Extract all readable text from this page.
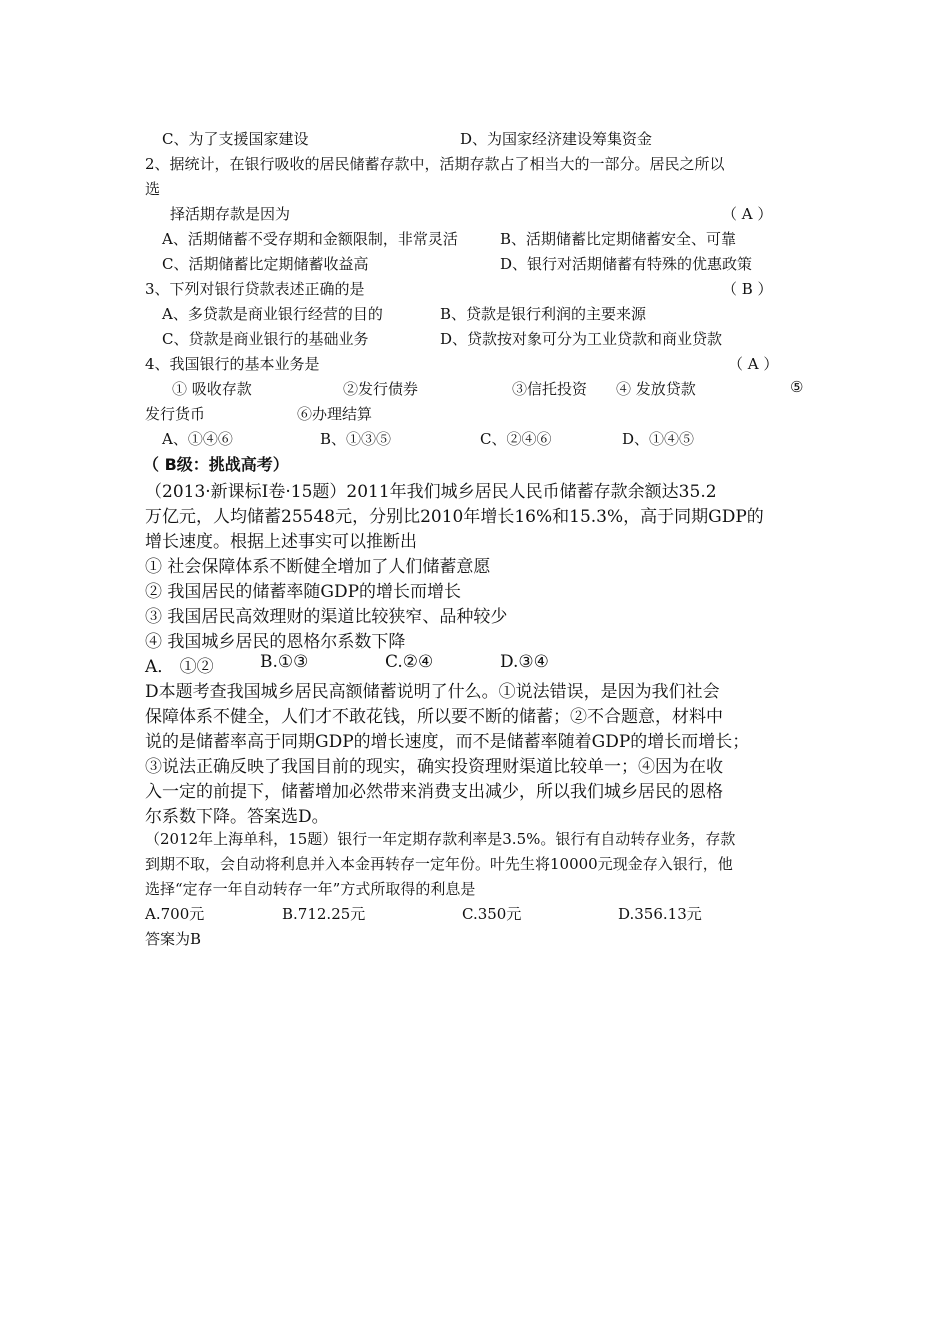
C、为了支援国家建设	D、为国家经济建设筹集资金
2、据统计，在银行吸收的居民储蓄存款中，活期存款占了相当大的一部分。居民之所以
选
择活期存款是因为	（ A ）
A、活期储蓄不受存期和金额限制，非常灵活	B、活期储蓄比定期储蓄安全、可靠
C、活期储蓄比定期储蓄收益高	D、银行对活期储蓄有特殊的优惠政策
3、下列对银行贷款表述正确的是	（ B ）
A、多贷款是商业银行经营的目的	B、贷款是银行利润的主要来源
C、贷款是商业银行的基础业务	D、贷款按对象可分为工业贷款和商业贷款
4、我国银行的基本业务是	（ A ）
① 吸收存款	②发行债券	③信托投资 ④ 发放贷款	⑤
发行货币	⑥办理结算
A、①④⑥	B、①③⑤	C、②④⑥	D、①④⑤
（ B级：挑战高考）
（2013·新课标Ⅰ卷·15题）2011年我们城乡居民人民币储蓄存款余额达35.2
万亿元，人均储蓄25548元，分别比2010年增长16%和15.3%，高于同期GDP的
增长速度。根据上述事实可以推断出
① 社会保障体系不断健全增加了人们储蓄意愿
② 我国居民的储蓄率随GDP的增长而增长
③ 我国居民高效理财的渠道比较狭窄、品种较少
④ 我国城乡居民的恩格尔系数下降
A． ①②	B.①③	C.②④	D.③④
D本题考查我国城乡居民高额储蓄说明了什么。①说法错误，是因为我们社会
保障体系不健全，人们才不敢花钱，所以要不断的储蓄；②不合题意，材料中
说的是储蓄率高于同期GDP的增长速度，而不是储蓄率随着GDP的增长而增长；
③说法正确反映了我国目前的现实，确实投资理财渠道比较单一；④因为在收
入一定的前提下，储蓄增加必然带来消费支出减少，所以我们城乡居民的恩格
尔系数下降。答案选D。
（2012年上海单科，15题）银行一年定期存款利率是3.5%。银行有自动转存业务，存款
到期不取，会自动将利息并入本金再转存一定年份。叶先生将10000元现金存入银行，他
选择“定存一年自动转存一年”方式所取得的利息是
A.700元	B.712.25元	C.350元	D.356.13元
答案为B
